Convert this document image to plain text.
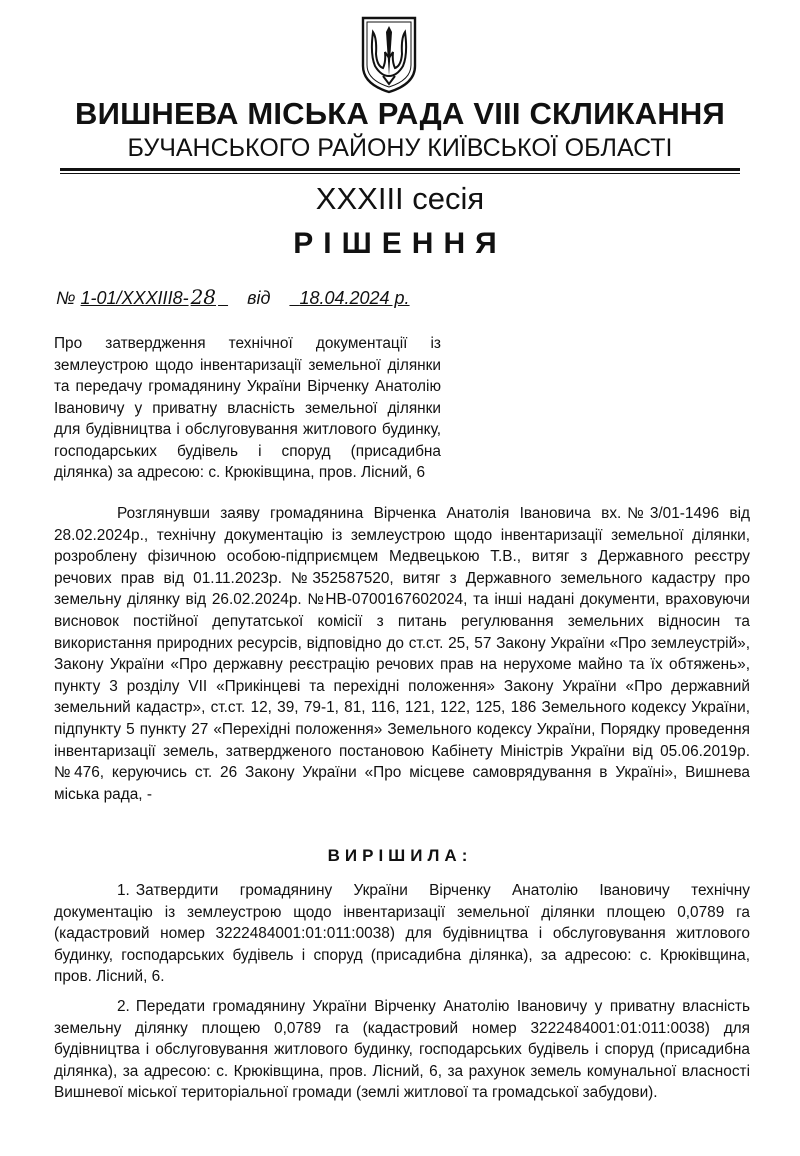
ВИШНЕВА МІСЬКА РАДА VIII СКЛИКАННЯ
БУЧАНСЬКОГО РАЙОНУ КИЇВСЬКОЇ ОБЛАСТІ
XXXIII сесія
РІШЕННЯ
№ 1-01/XXXIII8- 28 від 18.04.2024 р.
Про затвердження технічної документації із землеустрою щодо інвентаризації земельної ділянки та передачу громадянину України Вірченку Анатолію Івановичу у приватну власність земельної ділянки для будівництва і обслуговування житлового будинку, господарських будівель і споруд (присадибна ділянка) за адресою: с. Крюківщина, пров. Лісний, 6

Розглянувши заяву громадянина Вірченка Анатолія Івановича вх.№3/01-1496 від 28.02.2024р., технічну документацію із землеустрою щодо інвентаризації земельної ділянки, розроблену фізичною особою-підприємцем Медвецькою Т.В., витяг з Державного реєстру речових прав від 01.11.2023р. №352587520, витяг з Державного земельного кадастру про земельну ділянку від 26.02.2024р. №НВ-0700167602024, та інші надані документи, враховуючи висновок постійної депутатської комісії з питань регулювання земельних відносин та використання природних ресурсів, відповідно до ст.ст. 25, 57 Закону України «Про землеустрій», Закону України «Про державну реєстрацію речових прав на нерухоме майно та їх обтяжень», пункту 3 розділу VII «Прикінцеві та перехідні положення» Закону України «Про державний земельний кадастр», ст.ст. 12, 39, 79-1, 81, 116, 121, 122, 125, 186 Земельного кодексу України, підпункту 5 пункту 27 «Перехідні положення» Земельного кодексу України, Порядку проведення інвентаризації земель, затвердженого постановою Кабінету Міністрів України від 05.06.2019р. №476, керуючись ст. 26 Закону України «Про місцеве самоврядування в Україні», Вишнева міська рада, -

ВИРІШИЛА:

1. Затвердити громадянину України Вірченку Анатолію Івановичу технічну документацію із землеустрою щодо інвентаризації земельної ділянки площею 0,0789 га (кадастровий номер 3222484001:01:011:0038) для будівництва і обслуговування житлового будинку, господарських будівель і споруд (присадибна ділянка), за адресою: с. Крюківщина, пров. Лісний, 6.

2. Передати громадянину України Вірченку Анатолію Івановичу у приватну власність земельну ділянку площею 0,0789 га (кадастровий номер 3222484001:01:011:0038) для будівництва і обслуговування житлового будинку, господарських будівель і споруд (присадибна ділянка), за адресою: с. Крюківщина, пров. Лісний, 6, за рахунок земель комунальної власності Вишневої міської територіальної громади (землі житлової та громадської забудови).
